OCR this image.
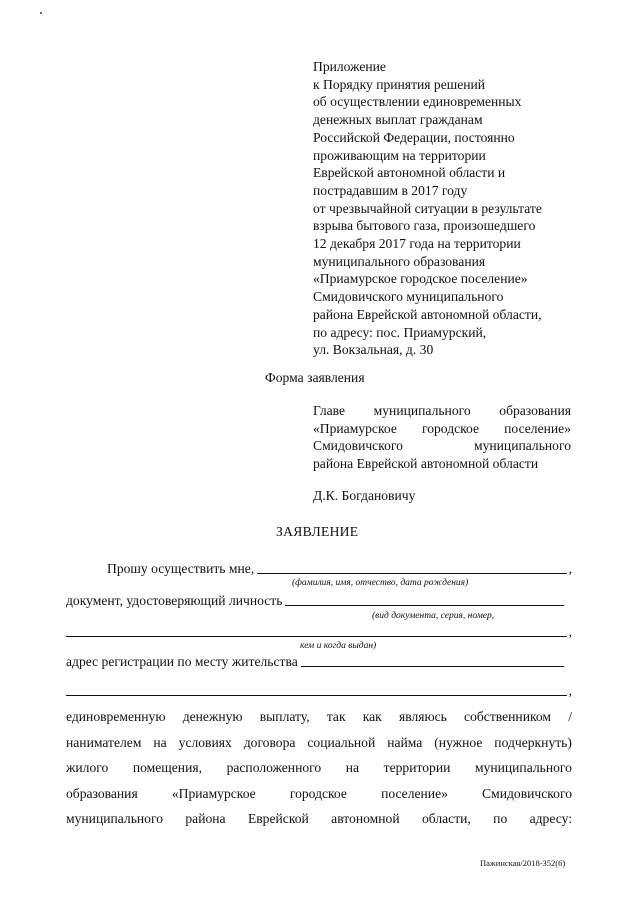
Приложение
к Порядку принятия решений
об осуществлении единовременных
денежных выплат гражданам
Российской Федерации, постоянно
проживающим на территории
Еврейской автономной области и
пострадавшим в 2017 году
от чрезвычайной ситуации в результате
взрыва бытового газа, произошедшего
12 декабря 2017 года на территории
муниципального образования
«Приамурское городское поселение»
Смидовичского муниципального
района Еврейской автономной области,
по адресу: пос. Приамурский,
ул. Вокзальная, д. 30
Форма заявления
Главе муниципального образования
«Приамурское городское поселение»
Смидовичского	муниципального
района Еврейской автономной области
Д.К. Богдановичу
ЗАЯВЛЕНИЕ
Прошу осуществить мне,	,
(фамилия, имя, отчество, дата рождения)
документ, удостоверяющий личность
(вид документа, серия, номер,
,
кем и когда выдан)
адрес регистрации по месту жительства
,
единовременную денежную выплату, так как являюсь собственником /
нанимателем на условиях договора социальной найма (нужное подчеркнуть)
жилого помещения, расположенного на территории муниципального
образования	«Приамурское	городское	поселение»	Смидовичского
муниципального района Еврейской автономной области, по адресу:
Пажинская/2018-352(6)
